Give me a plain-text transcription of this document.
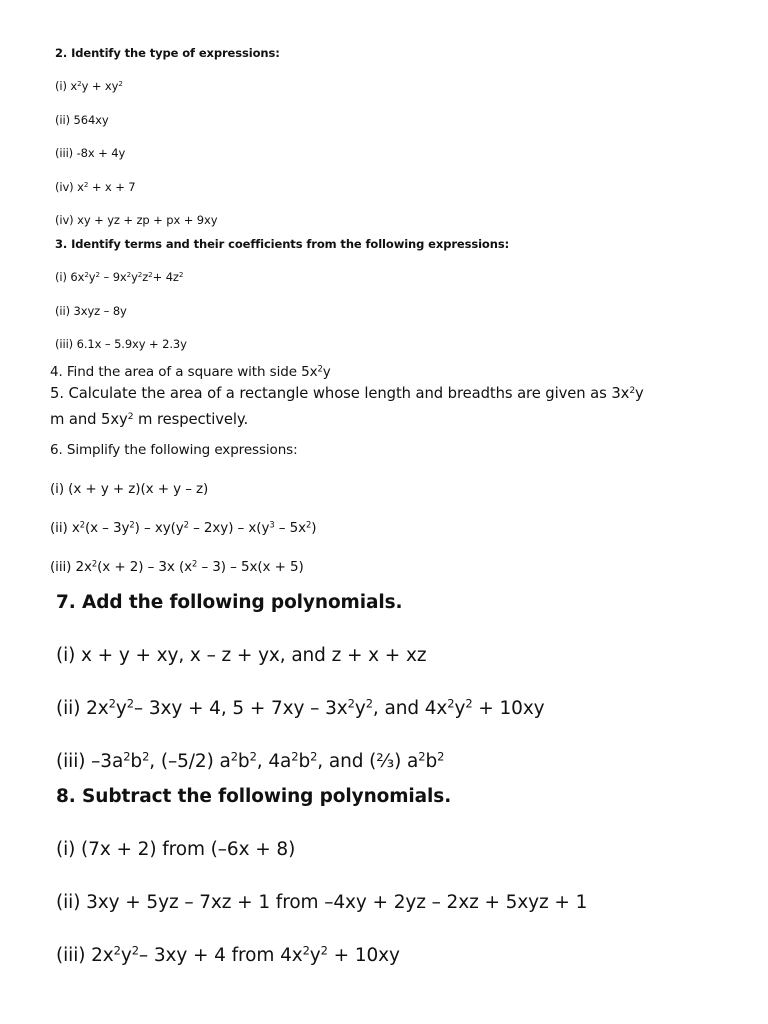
2. Identify the type of expressions:
(i) $x^2y + xy^2$
(ii) 564xy
(iii) -8x + 4y
(iv) $x^2 + x + 7$
(iv) xy + yz + zp + px + 9xy
3. Identify terms and their coefficients from the following expressions:
(i) $6x^2y^2 - 9x^2y^2z^2+ 4z^2$
(ii) 3xyz – 8y
(iii) 6.1x – 5.9xy + 2.3y
4. Find the area of a square with side $5x^2y$
5. Calculate the area of a rectangle whose length and breadths are given as $3x^2y$
m and $5xy^2$ m respectively.
6. Simplify the following expressions:
(i) (x + y + z)(x + y – z)
(ii) $x^2(x - 3y^2) - xy(y^2 - 2xy) - x(y^3 - 5x^2)$
(iii) $2x^2(x + 2) - 3x$ $(x^2 - 3) - 5x(x + 5)$
7. Add the following polynomials.
(i) x + y + xy, x – z + yx, and z + x + xz
(ii) $2x^2y^2-$ 3xy + 4, $5 + 7xy - 3x^2y^2$, and $4x^2y^2 + 10xy$
(iii) $-3a^2b^2$, (–5/2) $a^2b^2$, $4a^2b^2$, and (⅔) $a^2b^2$
8. Subtract the following polynomials.
(i) (7x + 2) from (–6x + 8)
(ii) 3xy + 5yz – 7xz + 1 from –4xy + 2yz – 2xz + 5xyz + 1
(iii) $2x^2y^2-$ 3xy + 4 from $4x^2y^2 + 10xy$
